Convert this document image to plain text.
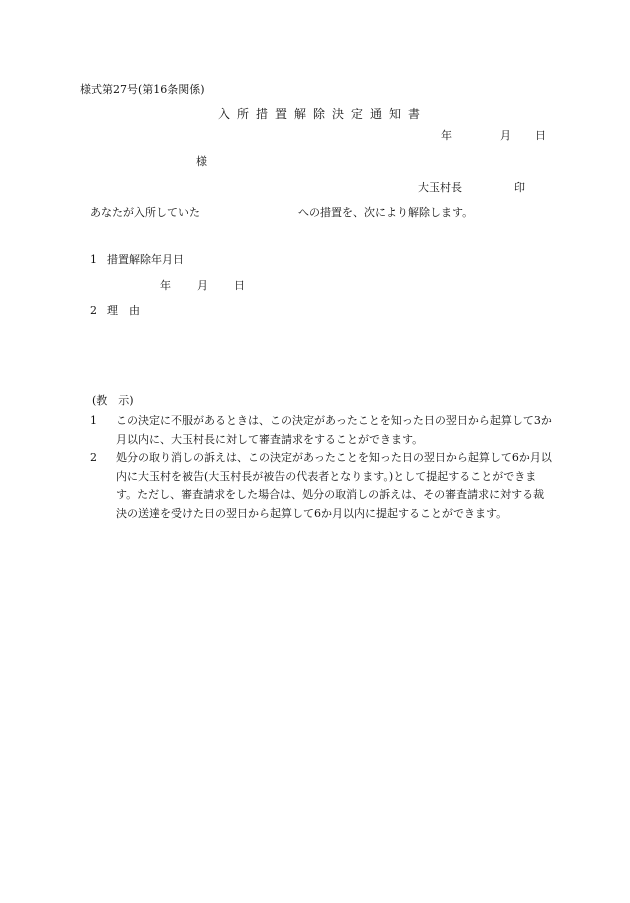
様式第27号(第16条関係)
入所措置解除決定通知書
年	月 日
様
大玉村長	印
あなたが入所していた	への措置を、次により解除します。
1 措置解除年月日
年 月 日
2 理　由
(教　示)
1	この決定に不服があるときは、この決定があったことを知った日の翌日から起算して3か月以内に、大玉村長に対して審査請求をすることができます。
2	処分の取り消しの訴えは、この決定があったことを知った日の翌日から起算して6か月以内に大玉村を被告(大玉村長が被告の代表者となります。)として提起することができます。ただし、審査請求をした場合は、処分の取消しの訴えは、その審査請求に対する裁決の送達を受けた日の翌日から起算して6か月以内に提起することができます。
